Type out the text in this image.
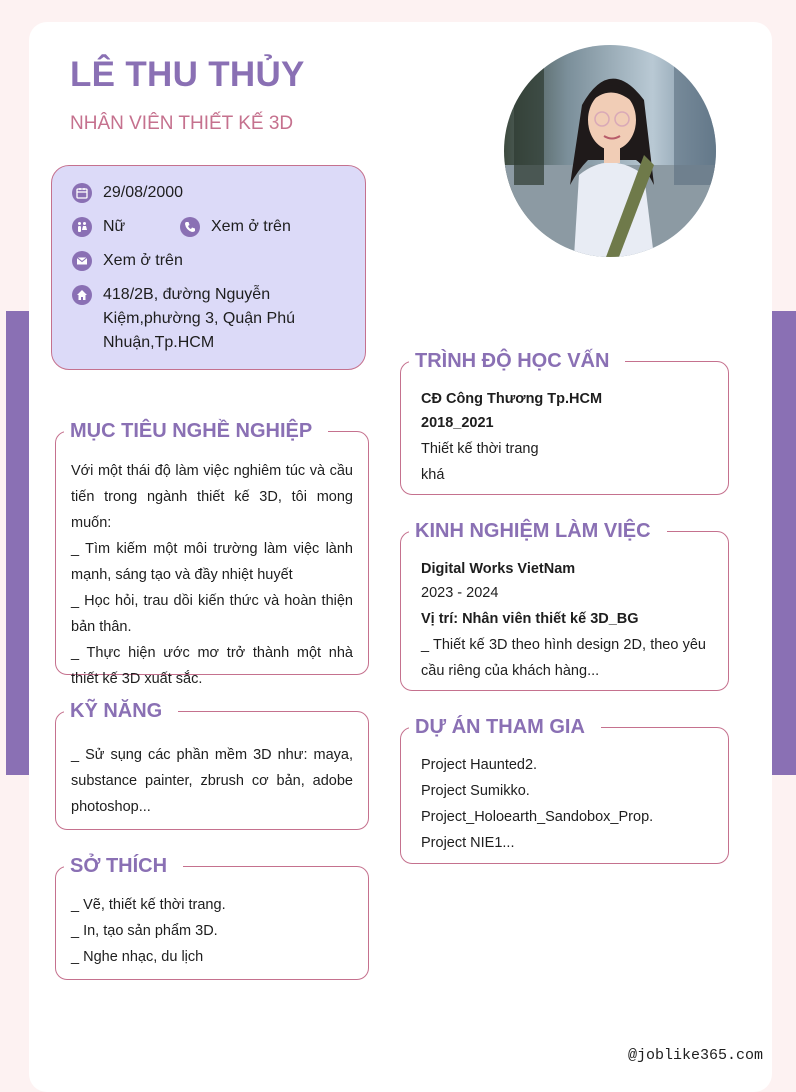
LÊ THU THỦY
NHÂN VIÊN THIẾT KẾ 3D
29/08/2000
Nữ	Xem ở trên
Xem ở trên
418/2B, đường Nguyễn
Kiệm,phường 3, Quận Phú
Nhuận,Tp.HCM
MỤC TIÊU NGHỀ NGHIỆP
Với một thái độ làm việc nghiêm túc và cầu tiến trong ngành thiết kế 3D, tôi mong muốn:
_ Tìm kiếm một môi trường làm việc lành mạnh, sáng tạo và đầy nhiệt huyết
_ Học hỏi, trau dồi kiến thức và hoàn thiện bản thân.
_ Thực hiện ước mơ trở thành một nhà thiết kế 3D xuất sắc.
KỸ NĂNG
_ Sử sụng các phần mềm 3D như: maya, substance painter, zbrush cơ bản, adobe photoshop...
SỞ THÍCH
_ Vẽ, thiết kế thời trang.
_ In, tạo sản phẩm 3D.
_ Nghe nhạc, du lịch
TRÌNH ĐỘ HỌC VẤN
CĐ Công Thương Tp.HCM
2018_2021
Thiết kế thời trang
khá
KINH NGHIỆM LÀM VIỆC
Digital Works VietNam
2023 - 2024
Vị trí: Nhân viên thiết kế 3D_BG
_ Thiết kế 3D theo hình design 2D, theo yêu cầu riêng của khách hàng...
DỰ ÁN THAM GIA
Project Haunted2.
Project Sumikko.
Project_Holoearth_Sandobox_Prop.
Project NIE1...
@joblike365.com
